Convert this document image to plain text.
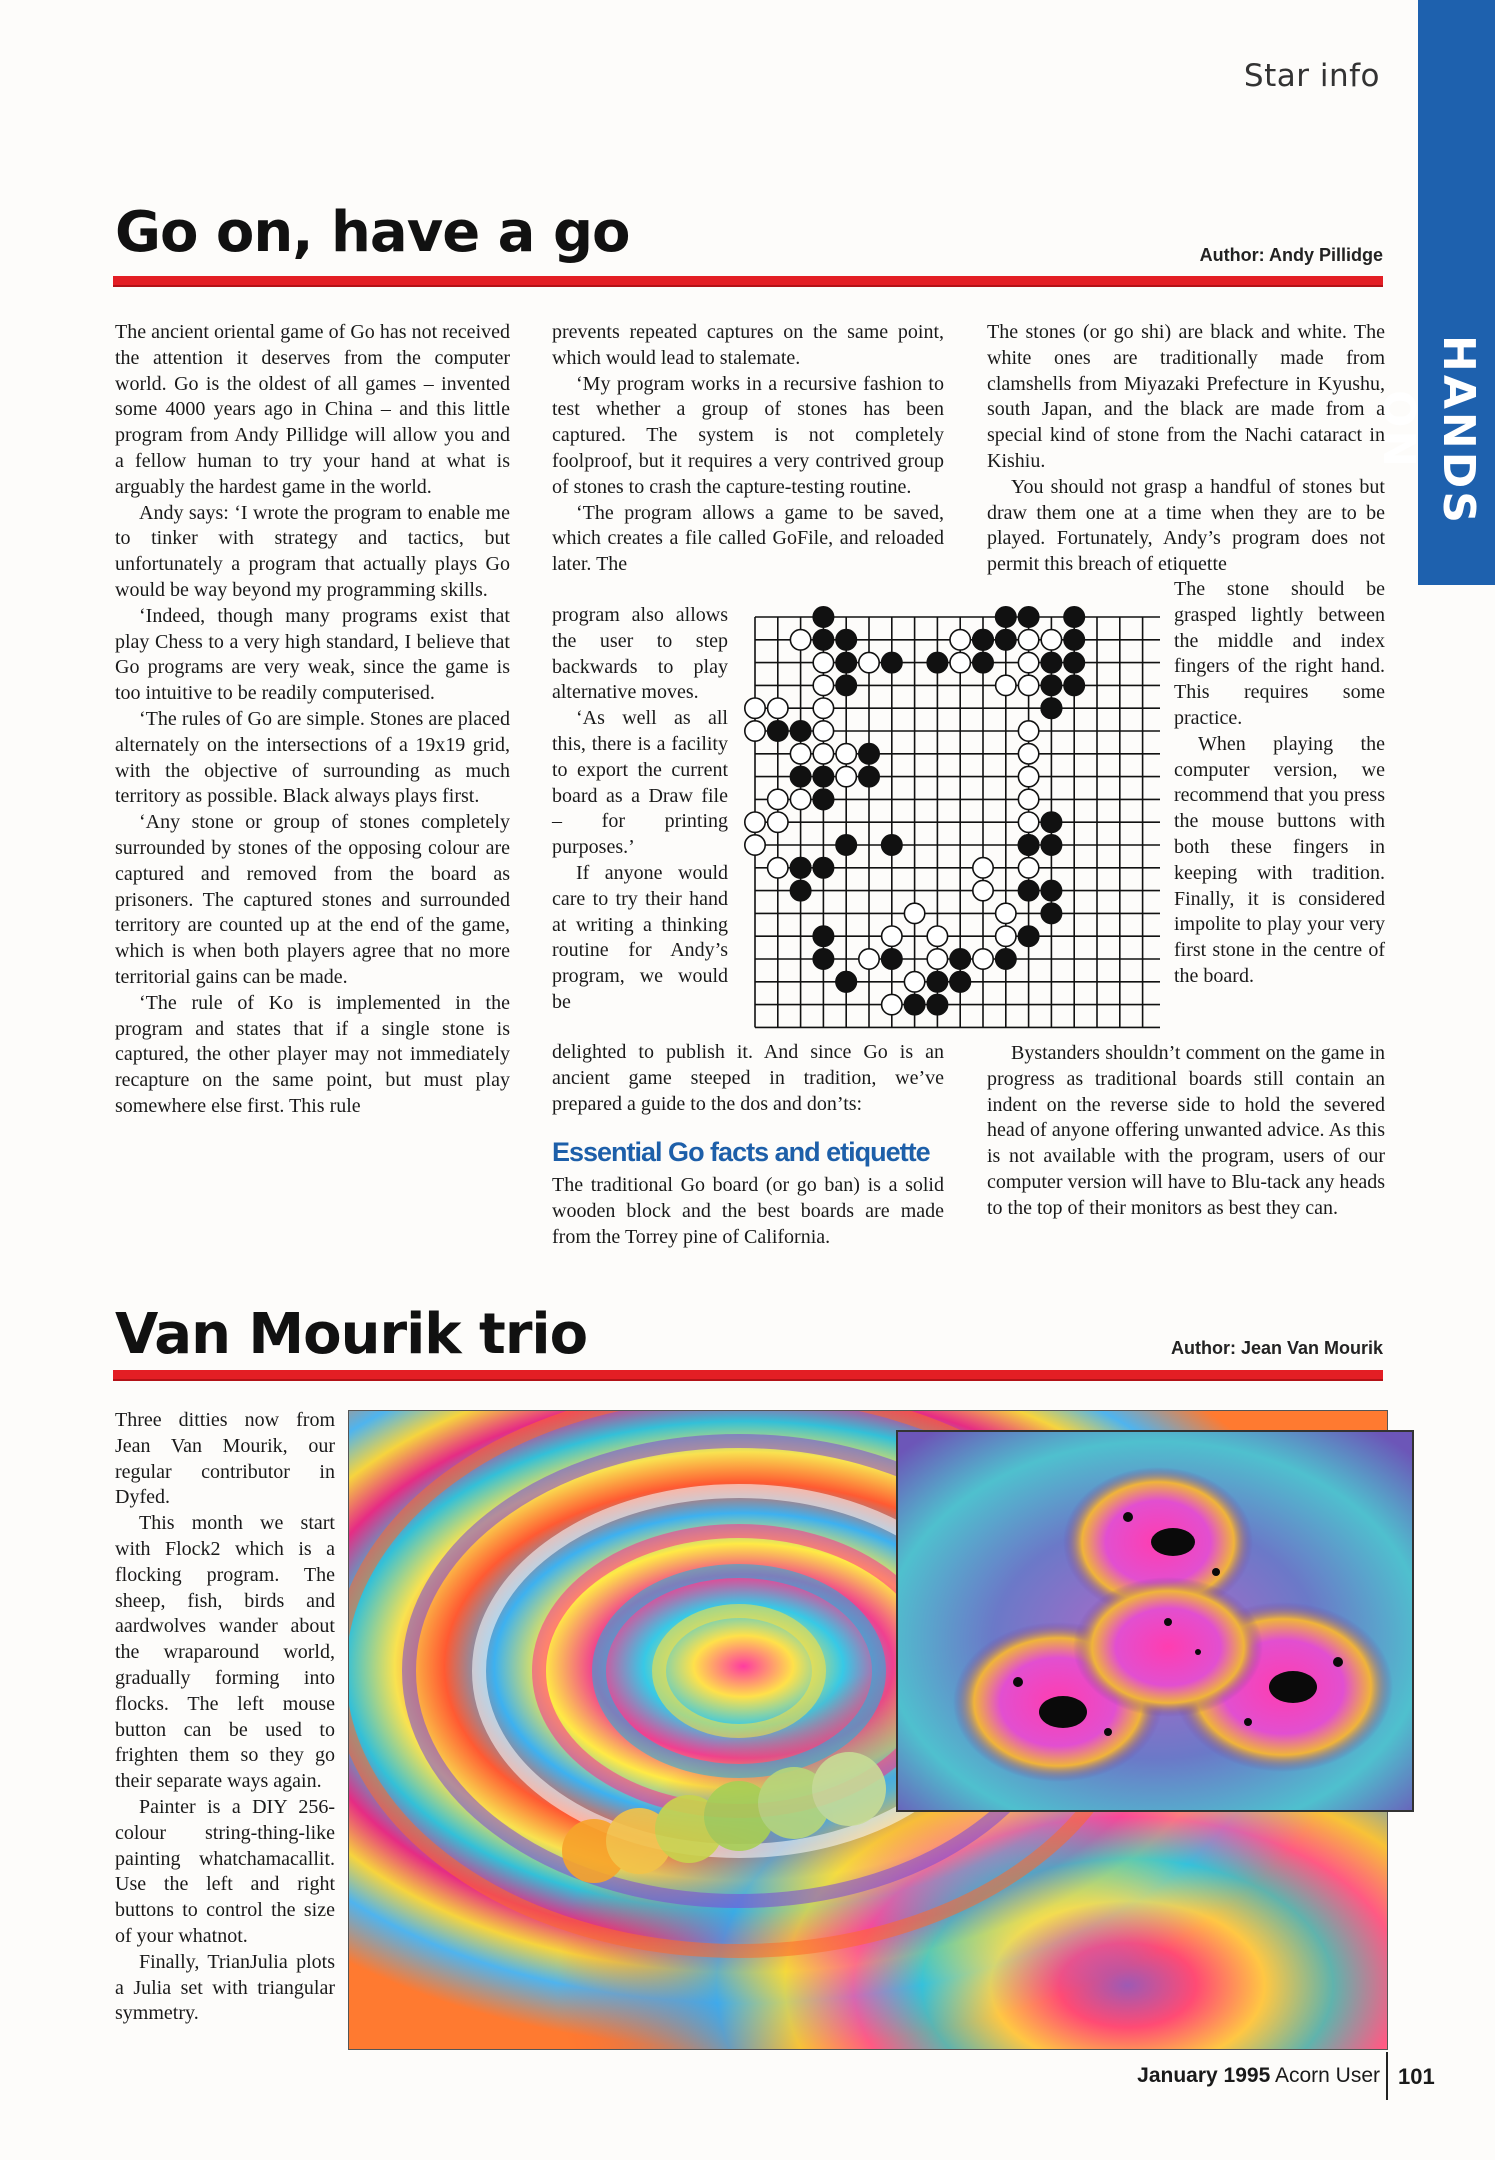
Star info
HANDS ON
Go on, have a go	Author: Andy Pillidge

The ancient oriental game of Go has not received the attention it deserves from the computer world. Go is the oldest of all games – invented some 4000 years ago in China – and this little program from Andy Pillidge will allow you and a fellow human to try your hand at what is arguably the hardest game in the world.

Andy says: ‘I wrote the program to enable me to tinker with strategy and tactics, but unfortunately a program that actually plays Go would be way beyond my programming skills.

‘Indeed, though many programs exist that play Chess to a very high standard, I believe that Go programs are very weak, since the game is too intuitive to be readily computerised.

‘The rules of Go are simple. Stones are placed alternately on the intersections of a 19x19 grid, with the objective of surrounding as much territory as possible. Black always plays first.

‘Any stone or group of stones completely surrounded by stones of the opposing colour are captured and removed from the board as prisoners. The captured stones and surrounded territory are counted up at the end of the game, which is when both players agree that no more territorial gains can be made.

‘The rule of Ko is implemented in the program and states that if a single stone is captured, the other player may not immediately recapture on the same point, but must play somewhere else first. This rule

prevents repeated captures on the same point, which would lead to stalemate.

‘My program works in a recursive fashion to test whether a group of stones has been captured. The system is not completely foolproof, but it requires a very contrived group of stones to crash the capture-testing routine.

‘The program allows a game to be saved, which creates a file called GoFile, and reloaded later. The

program also allows the user to step backwards to play alternative moves.

‘As well as all this, there is a facility to export the current board as a Draw file – for printing purposes.’

If anyone would care to try their hand at writing a thinking routine for Andy’s program, we would be

delighted to publish it. And since Go is an ancient game steeped in tradition, we’ve prepared a guide to the dos and don’ts:

Essential Go facts and etiquette

The traditional Go board (or go ban) is a solid wooden block and the best boards are made from the Torrey pine of California.

The stones (or go shi) are black and white. The white ones are traditionally made from clamshells from Miyazaki Prefecture in Kyushu, south Japan, and the black are made from a special kind of stone from the Nachi cataract in Kishiu.

You should not grasp a handful of stones but draw them one at a time when they are to be played. Fortunately, Andy’s program does not permit this breach of etiquette

The stone should be grasped lightly between the middle and index fingers of the right hand. This requires some practice.

When playing the computer version, we recommend that you press the mouse buttons with both these fingers in keeping with tradition. Finally, it is considered impolite to play your very first stone in the centre of the board.

Bystanders shouldn’t comment on the game in progress as traditional boards still contain an indent on the reverse side to hold the severed head of anyone offering unwanted advice. As this is not available with the program, users of our computer version will have to Blu-tack any heads to the top of their monitors as best they can.

Van Mourik trio	Author: Jean Van Mourik

Three ditties now from Jean Van Mourik, our regular contributor in Dyfed.

This month we start with Flock2 which is a flocking program. The sheep, fish, birds and aardwolves wander about the wraparound world, gradually forming into flocks. The left mouse button can be used to frighten them so they go their separate ways again.

Painter is a DIY 256-colour string-thing-like painting whatchamacallit. Use the left and right buttons to control the size of your whatnot.

Finally, TrianJulia plots a Julia set with triangular symmetry.

January 1995 Acorn User 101
